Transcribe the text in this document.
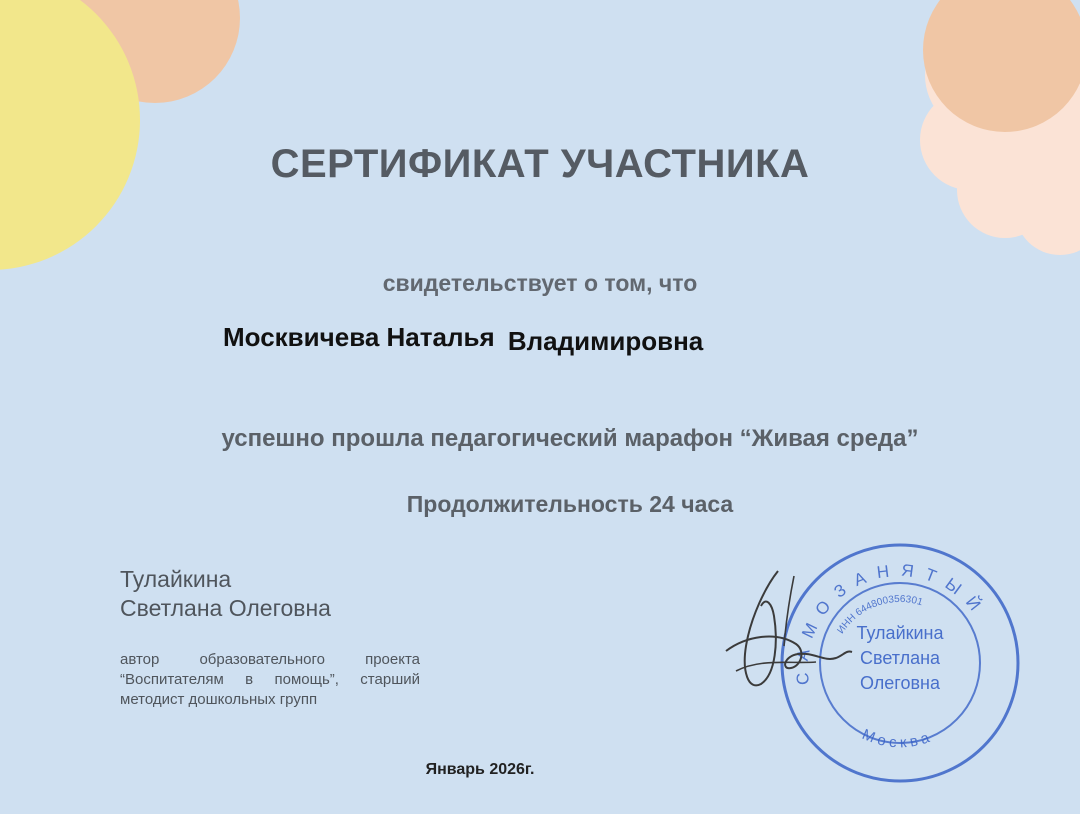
СЕРТИФИКАТ УЧАСТНИКА
свидетельствует о том, что
Москвичева Наталья Владимировна
успешно прошла педагогический марафон “Живая среда”
Продолжительность 24 часа
Тулайкина
Светлана Олеговна
автор образовательного проекта “Воспитателям в помощь”, старший методист дошкольных групп
Январь 2026г.
САМОЗАНЯТЫЙ
ИНН 644800356301
Москва
Тулайкина
Светлана
Олеговна
